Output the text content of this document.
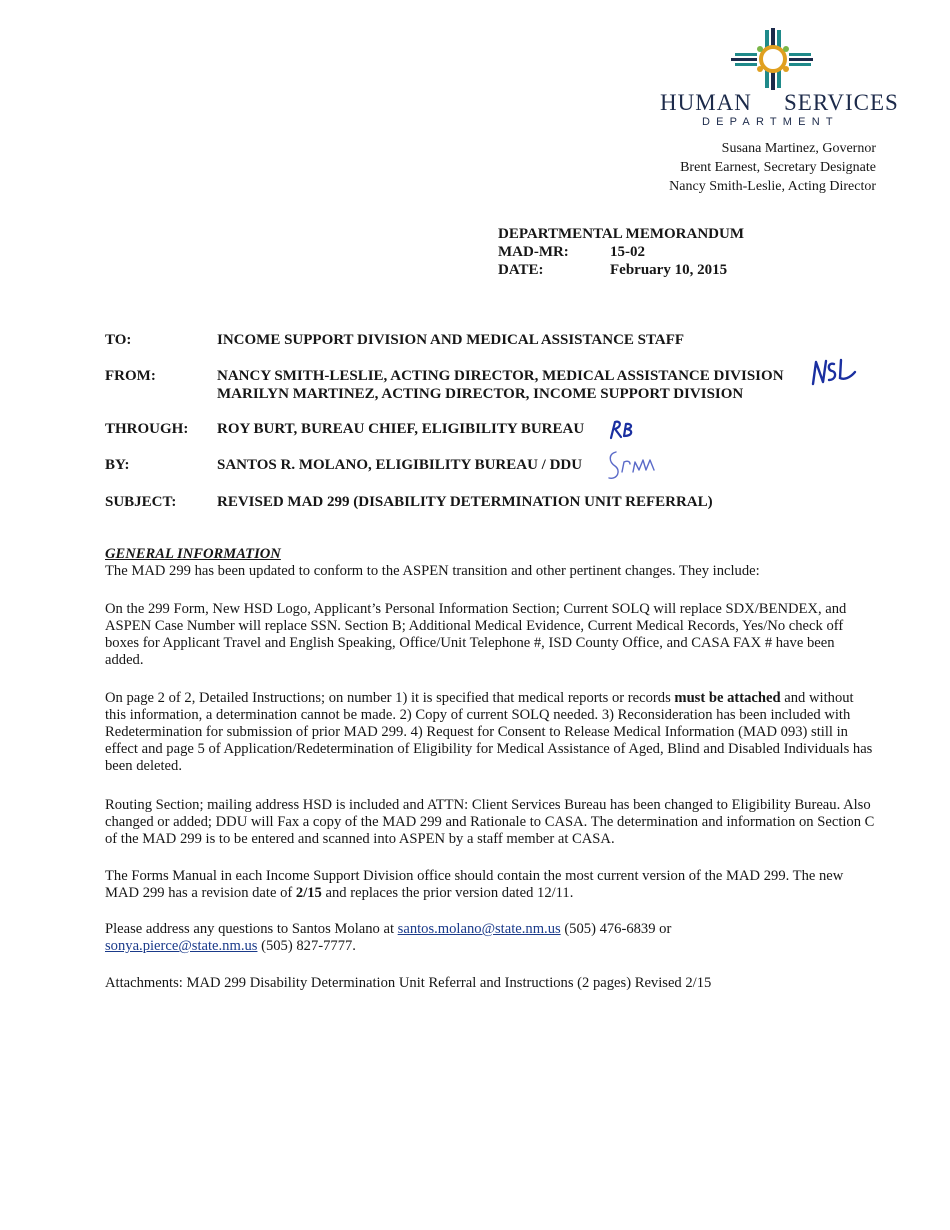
HUMAN SERVICES
DEPARTMENT
Susana Martinez, Governor
Brent Earnest, Secretary Designate
Nancy Smith-Leslie, Acting Director
DEPARTMENTAL MEMORANDUM
MAD-MR:	15-02
DATE:	February 10, 2015
TO:	INCOME SUPPORT DIVISION AND MEDICAL ASSISTANCE STAFF
FROM:	NANCY SMITH-LESLIE, ACTING DIRECTOR, MEDICAL ASSISTANCE DIVISION
MARILYN MARTINEZ, ACTING DIRECTOR, INCOME SUPPORT DIVISION
THROUGH:	ROY BURT, BUREAU CHIEF, ELIGIBILITY BUREAU
BY:	SANTOS R. MOLANO, ELIGIBILITY BUREAU / DDU
SUBJECT:	REVISED MAD 299 (DISABILITY DETERMINATION UNIT REFERRAL)
GENERAL INFORMATION
The MAD 299 has been updated to conform to the ASPEN transition and other pertinent changes. They include:
On the 299 Form, New HSD Logo, Applicant’s Personal Information Section; Current SOLQ will replace SDX/BENDEX, and ASPEN Case Number will replace SSN. Section B; Additional Medical Evidence, Current Medical Records, Yes/No check off boxes for Applicant Travel and English Speaking, Office/Unit Telephone #, ISD County Office, and CASA FAX # have been added.
On page 2 of 2, Detailed Instructions; on number 1) it is specified that medical reports or records must be attached and without this information, a determination cannot be made. 2) Copy of current SOLQ needed. 3) Reconsideration has been included with Redetermination for submission of prior MAD 299. 4) Request for Consent to Release Medical Information (MAD 093) still in effect and page 5 of Application/Redetermination of Eligibility for Medical Assistance of Aged, Blind and Disabled Individuals has been deleted.
Routing Section; mailing address HSD is included and ATTN: Client Services Bureau has been changed to Eligibility Bureau. Also changed or added; DDU will Fax a copy of the MAD 299 and Rationale to CASA. The determination and information on Section C of the MAD 299 is to be entered and scanned into ASPEN by a staff member at CASA.
The Forms Manual in each Income Support Division office should contain the most current version of the MAD 299. The new MAD 299 has a revision date of 2/15 and replaces the prior version dated 12/11.
Please address any questions to Santos Molano at santos.molano@state.nm.us (505) 476-6839 or
sonya.pierce@state.nm.us (505) 827-7777.
Attachments: MAD 299 Disability Determination Unit Referral and Instructions (2 pages) Revised 2/15
